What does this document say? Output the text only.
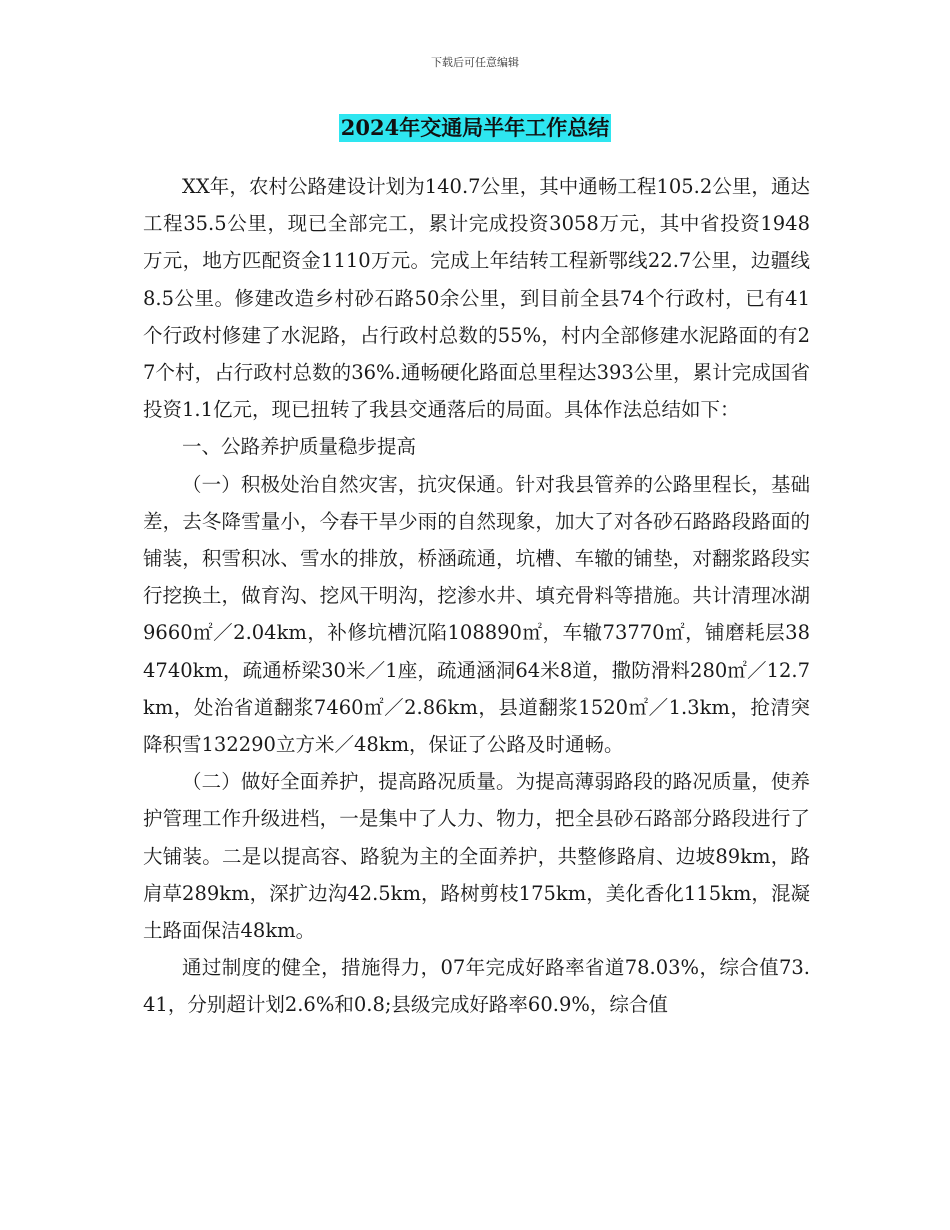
下载后可任意编辑
2024年交通局半年工作总结

XX年，农村公路建设计划为140.7公里，其中通畅工程105.2公里，通达工程35.5公里，现已全部完工，累计完成投资3058万元，其中省投资1948万元，地方匹配资金1110万元。完成上年结转工程新鄂线22.7公里，边疆线8.5公里。修建改造乡村砂石路50余公里，到目前全县74个行政村，已有41个行政村修建了水泥路，占行政村总数的55%，村内全部修建水泥路面的有27个村，占行政村总数的36%.通畅硬化路面总里程达393公里，累计完成国省投资1.1亿元，现已扭转了我县交通落后的局面。具体作法总结如下：

一、公路养护质量稳步提高

（一）积极处治自然灾害，抗灾保通。针对我县管养的公路里程长，基础差，去冬降雪量小，今春干旱少雨的自然现象，加大了对各砂石路路段路面的铺装，积雪积冰、雪水的排放，桥涵疏通，坑槽、车辙的铺垫，对翻浆路段实行挖换土，做育沟、挖风干明沟，挖渗水井、填充骨料等措施。共计清理冰湖9660㎡／2.04km，补修坑槽沉陷108890㎡，车辙73770㎡，铺磨耗层384740km，疏通桥梁30米／1座，疏通涵洞64米8道，撒防滑料280㎡／12.7km，处治省道翻浆7460㎡／2.86km，县道翻浆1520㎡／1.3km，抢清突降积雪132290立方米／48km，保证了公路及时通畅。

（二）做好全面养护，提高路况质量。为提高薄弱路段的路况质量，使养护管理工作升级进档，一是集中了人力、物力，把全县砂石路部分路段进行了大铺装。二是以提高容、路貌为主的全面养护，共整修路肩、边坡89km，路肩草289km，深扩边沟42.5km，路树剪枝175km，美化香化115km，混凝土路面保洁48km。

通过制度的健全，措施得力，07年完成好路率省道78.03%，综合值73.41，分别超计划2.6%和0.8;县级完成好路率60.9%，综合值
